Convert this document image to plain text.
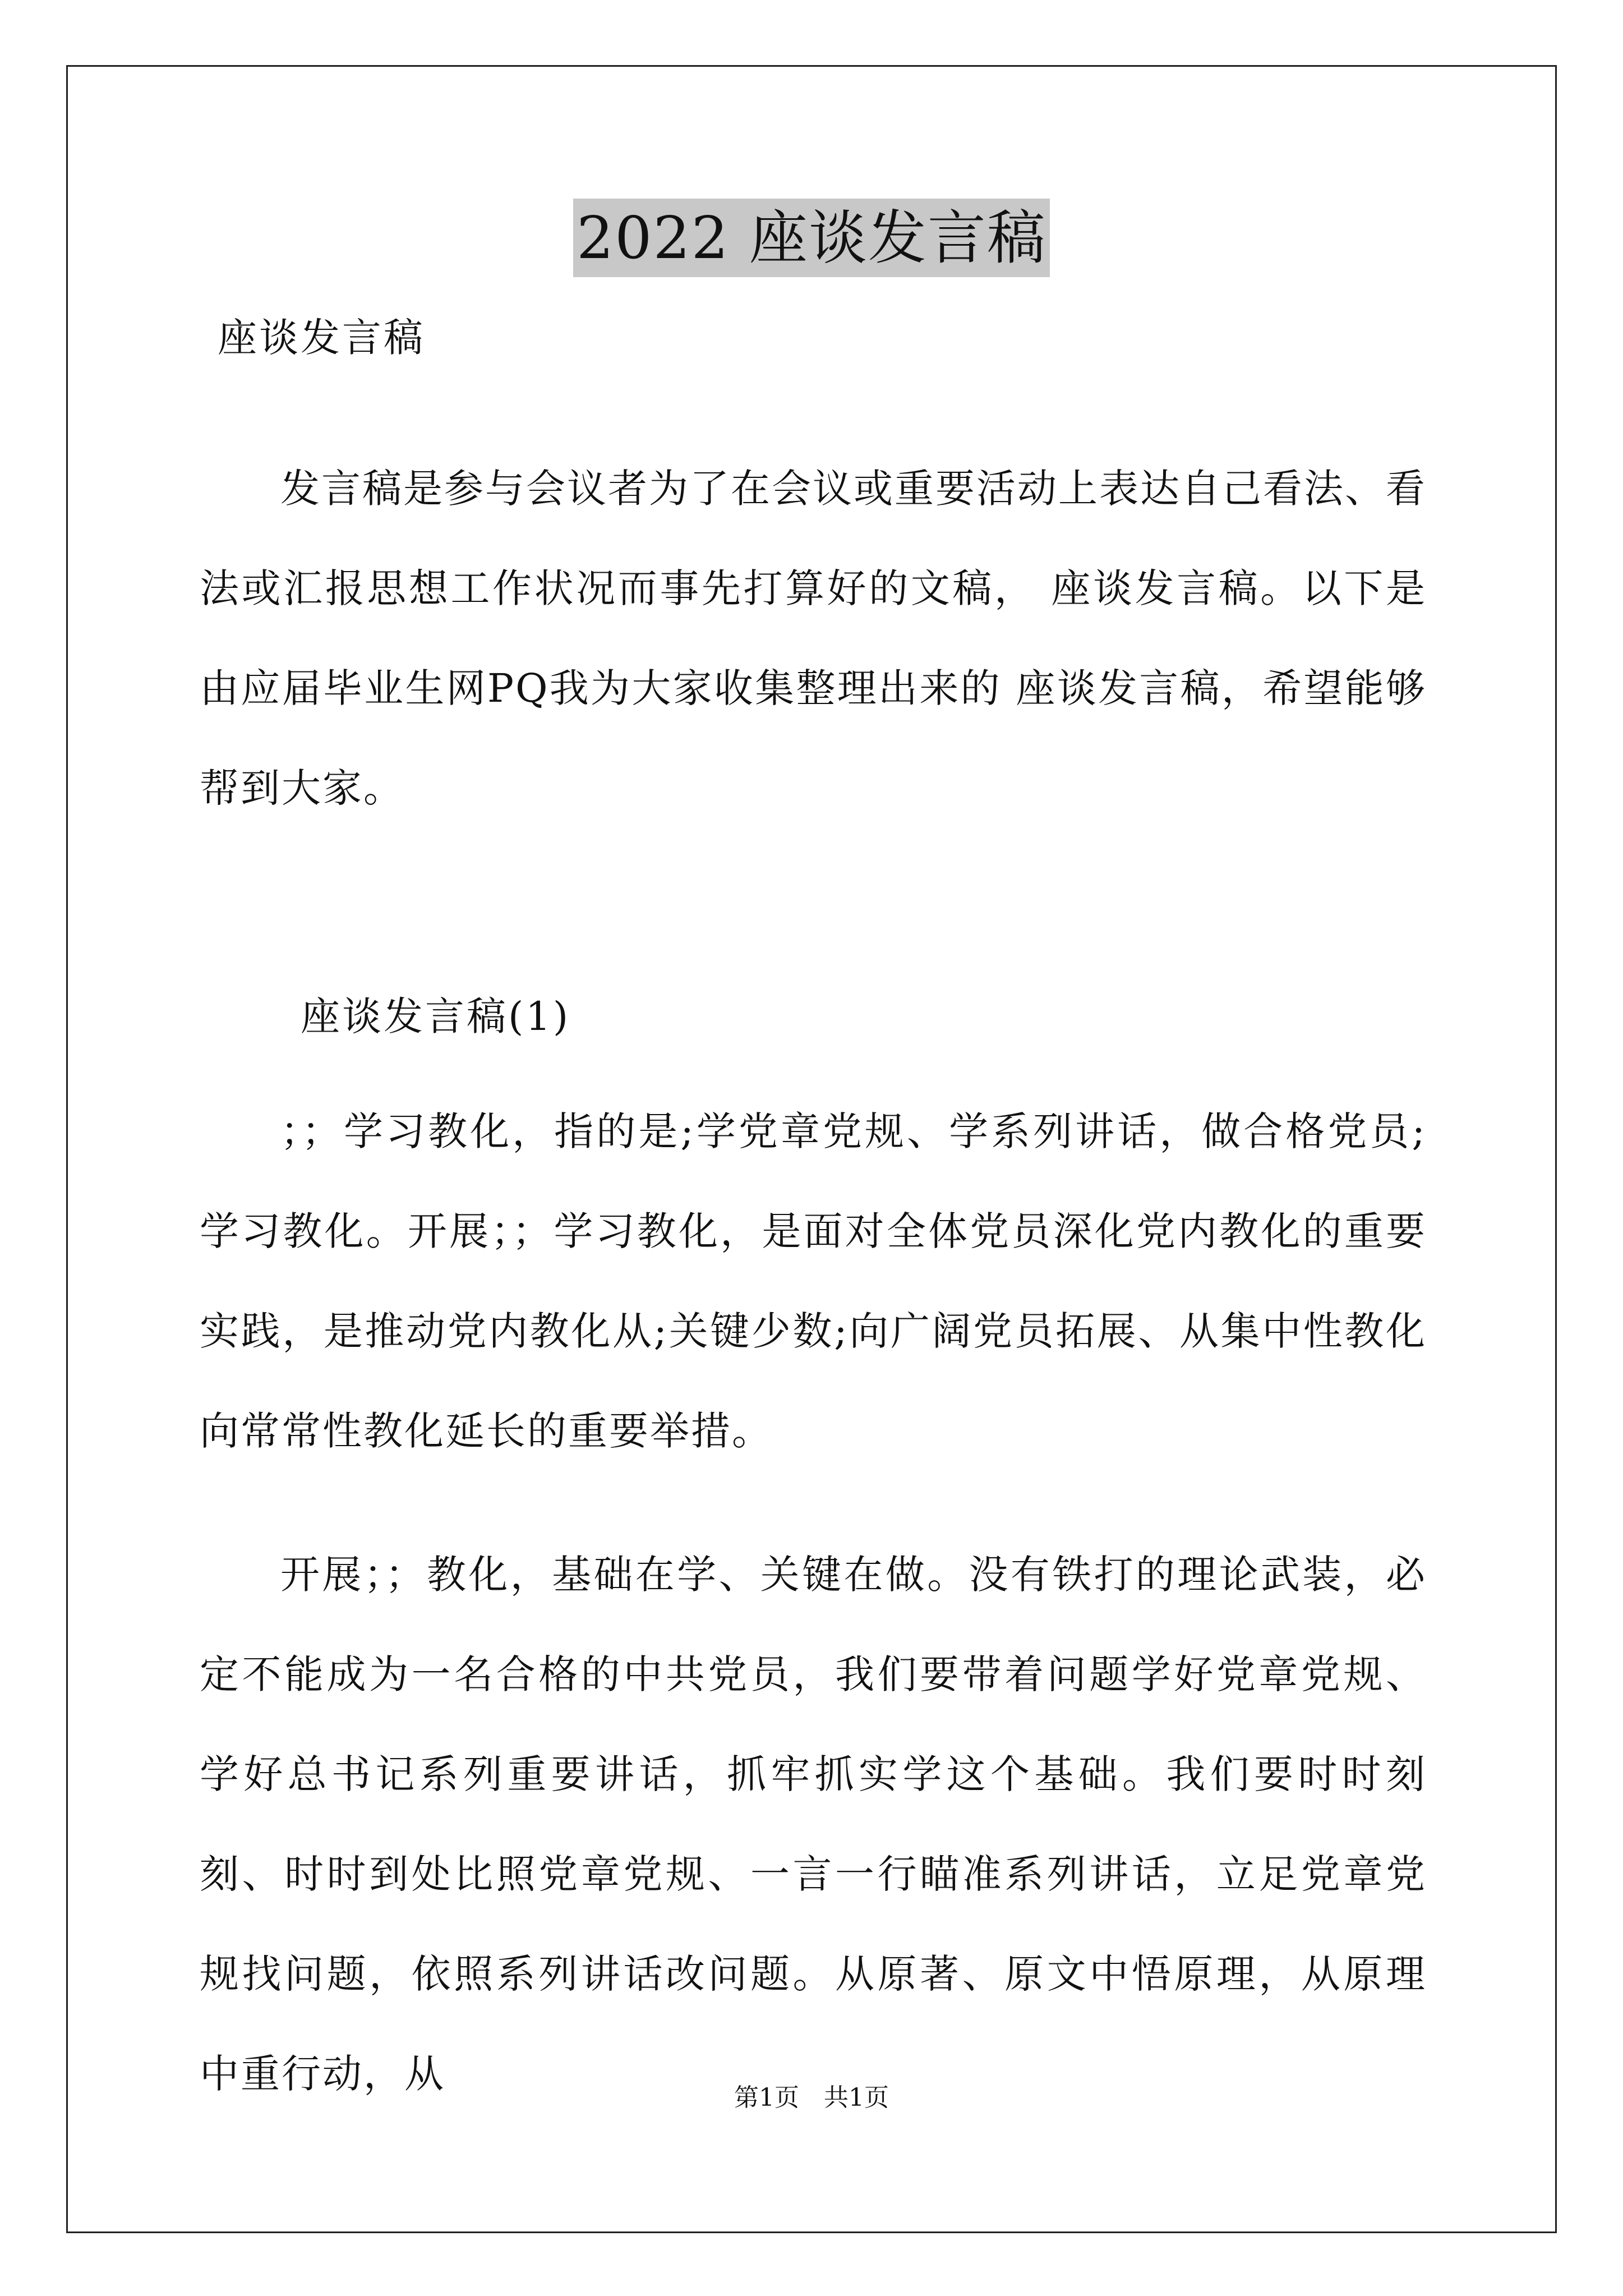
2022 座谈发言稿
座谈发言稿
发言稿是参与会议者为了在会议或重要活动上表达自己看法、看法或汇报思想工作状况而事先打算好的文稿， 座谈发言稿。以下是由应届毕业生网PQ我为大家收集整理出来的 座谈发言稿，希望能够帮到大家。
座谈发言稿(1)
；；学习教化，指的是;学党章党规、学系列讲话，做合格党员;学习教化。开展；；学习教化，是面对全体党员深化党内教化的重要实践，是推动党内教化从;关键少数;向广阔党员拓展、从集中性教化向常常性教化延长的重要举措。
开展；；教化，基础在学、关键在做。没有铁打的理论武装，必定不能成为一名合格的中共党员，我们要带着问题学好党章党规、学好总书记系列重要讲话，抓牢抓实学这个基础。我们要时时刻刻、时时到处比照党章党规、一言一行瞄准系列讲话，立足党章党规找问题，依照系列讲话改问题。从原著、原文中悟原理，从原理中重行动，从
第1页　共1页
